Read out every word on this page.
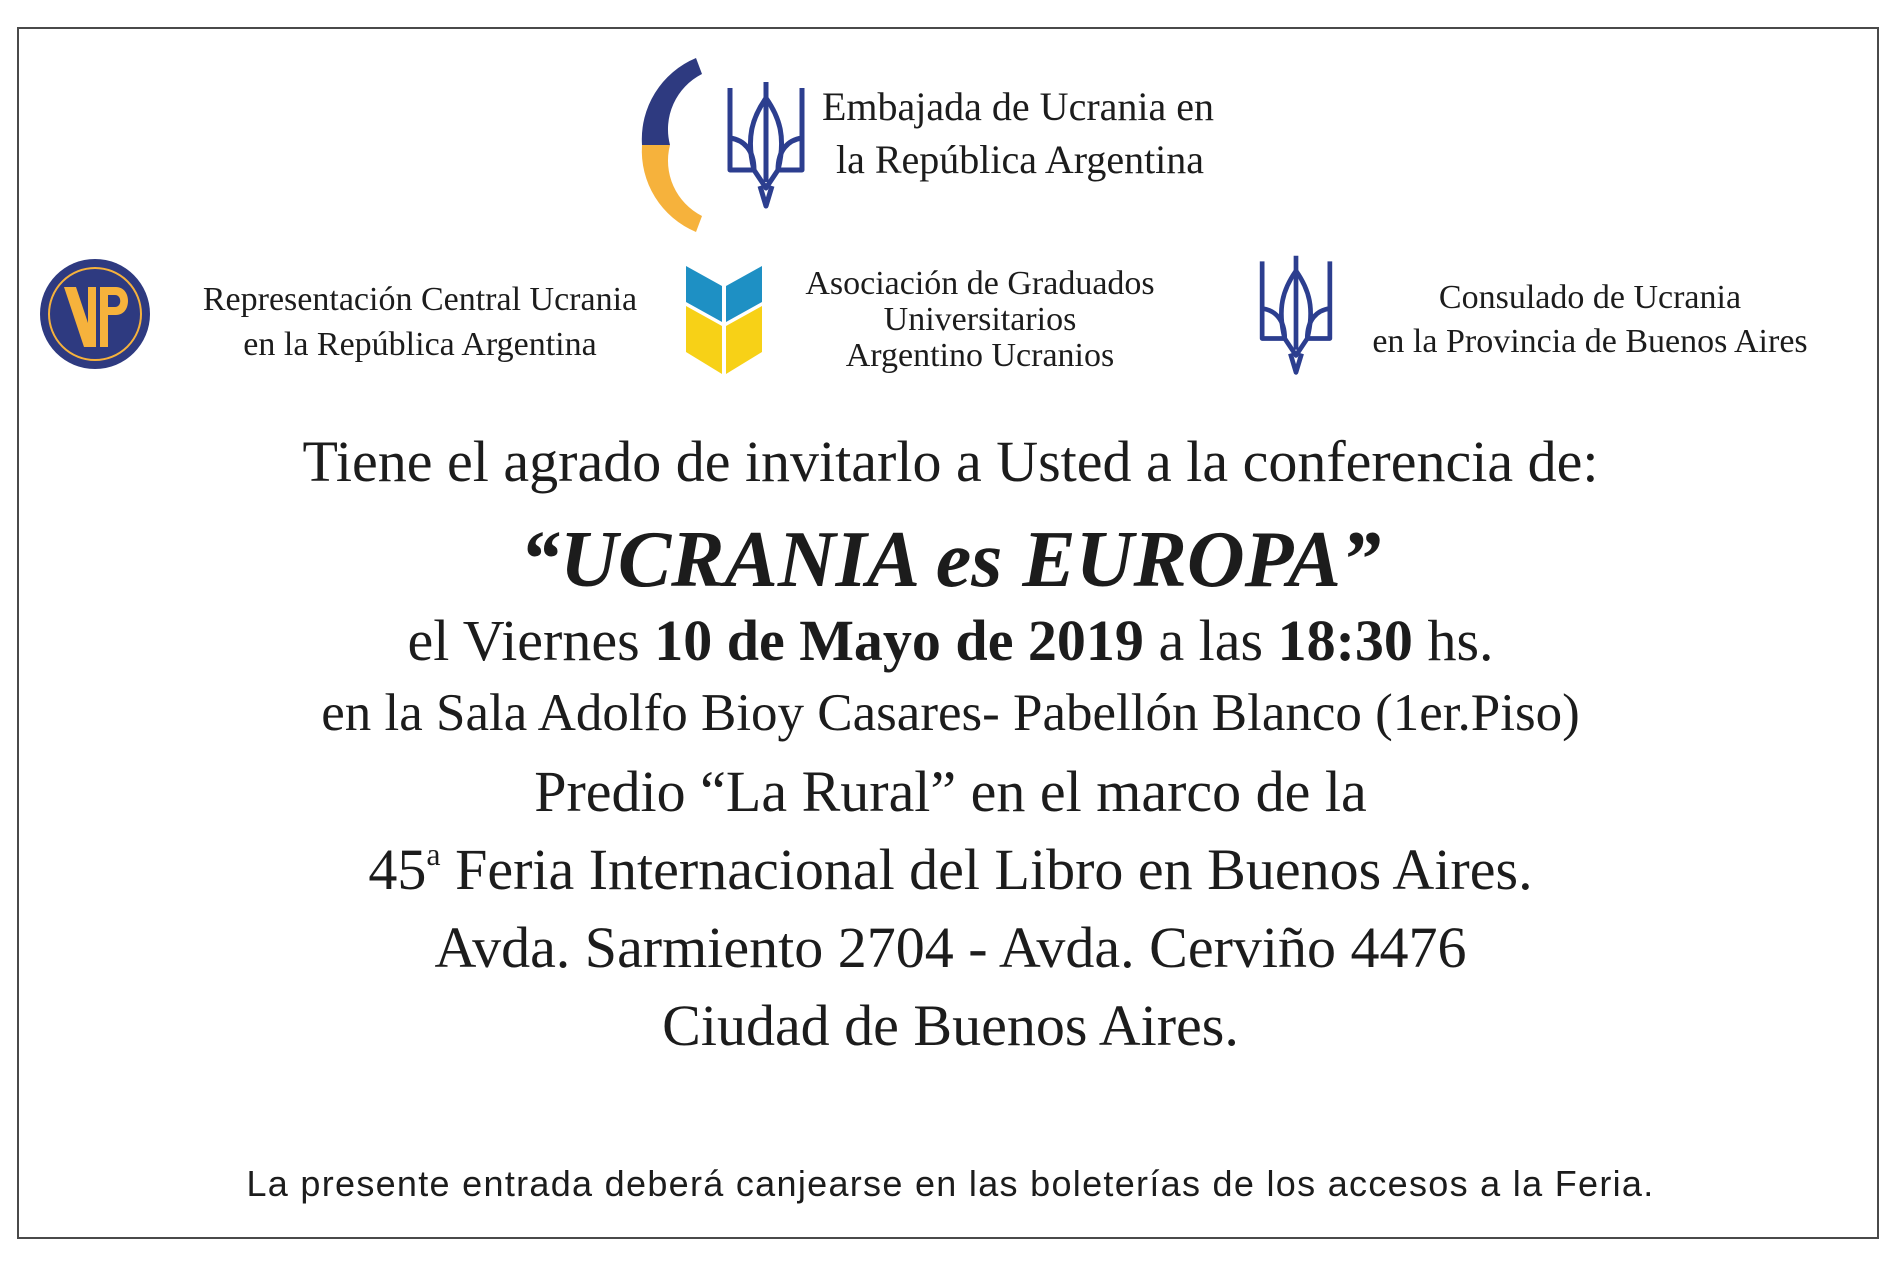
Embajada de Ucrania en
la República Argentina
Representación Central Ucrania
en la República Argentina
Asociación de Graduados
Universitarios
Argentino Ucranios
Consulado de Ucrania
en la Provincia de Buenos Aires
Tiene el agrado de invitarlo a Usted a la conferencia de:
“UCRANIA es EUROPA”
el Viernes 10 de Mayo de 2019 a las 18:30 hs.
en la Sala Adolfo Bioy Casares- Pabellón Blanco (1er.Piso)
Predio “La Rural” en el marco de la
45$^a$ Feria Internacional del Libro en Buenos Aires.
Avda. Sarmiento 2704 - Avda. Cerviño 4476
Ciudad de Buenos Aires.
La presente entrada deberá canjearse en las boleterías de los accesos a la Feria.
